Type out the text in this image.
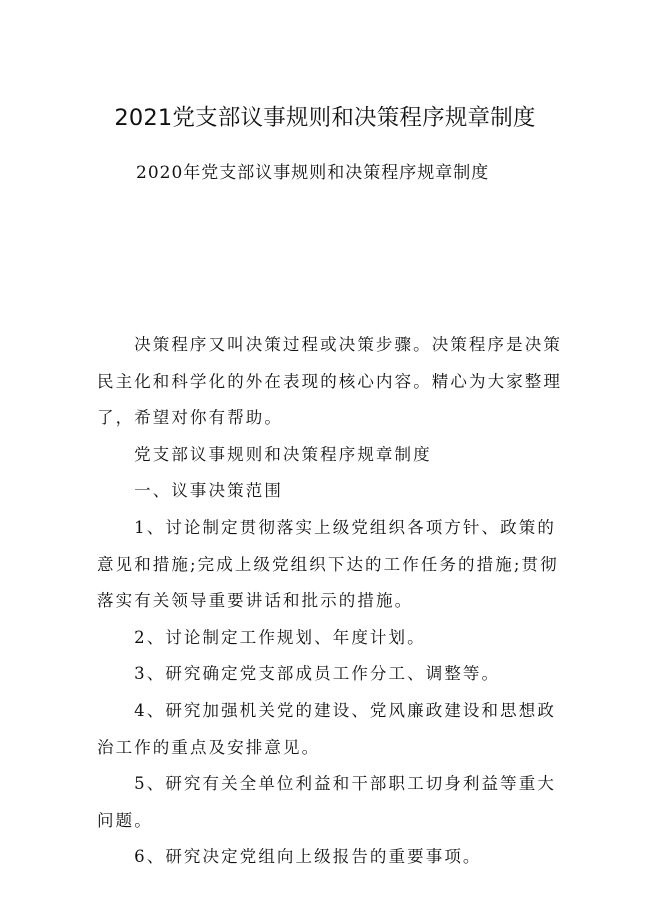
2021党支部议事规则和决策程序规章制度
2020年党支部议事规则和决策程序规章制度

决策程序又叫决策过程或决策步骤。决策程序是决策民主化和科学化的外在表现的核心内容。精心为大家整理了，希望对你有帮助。

党支部议事规则和决策程序规章制度

一、议事决策范围

1、讨论制定贯彻落实上级党组织各项方针、政策的意见和措施;完成上级党组织下达的工作任务的措施;贯彻落实有关领导重要讲话和批示的措施。

2、讨论制定工作规划、年度计划。

3、研究确定党支部成员工作分工、调整等。

4、研究加强机关党的建设、党风廉政建设和思想政治工作的重点及安排意见。

5、研究有关全单位利益和干部职工切身利益等重大问题。

6、研究决定党组向上级报告的重要事项。
